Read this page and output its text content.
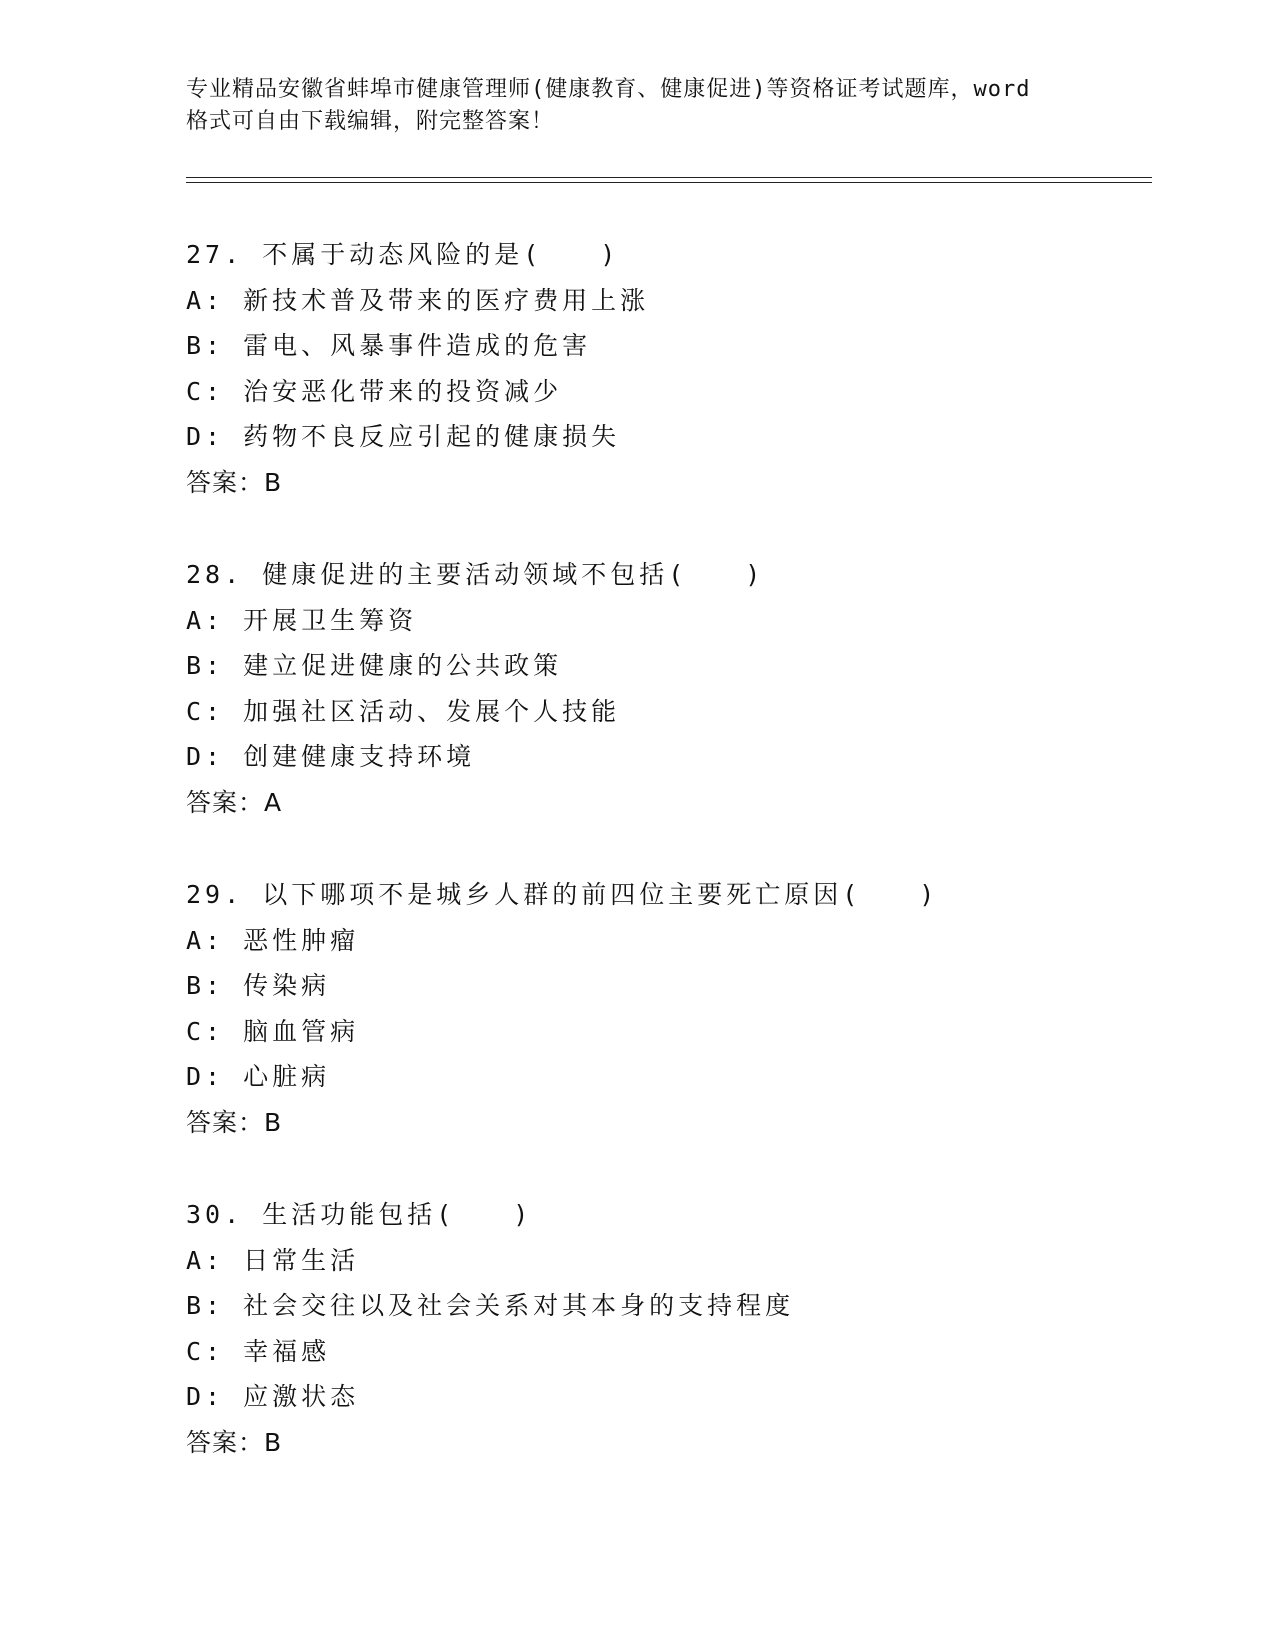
专业精品安徽省蚌埠市健康管理师(健康教育、健康促进)等资格证考试题库，word
格式可自由下载编辑，附完整答案！
27. 不属于动态风险的是(　　)
A: 新技术普及带来的医疗费用上涨
B: 雷电、风暴事件造成的危害
C: 治安恶化带来的投资减少
D: 药物不良反应引起的健康损失
答案：B
28. 健康促进的主要活动领域不包括(　　)
A: 开展卫生筹资
B: 建立促进健康的公共政策
C: 加强社区活动、发展个人技能
D: 创建健康支持环境
答案：A
29. 以下哪项不是城乡人群的前四位主要死亡原因(　　)
A: 恶性肿瘤
B: 传染病
C: 脑血管病
D: 心脏病
答案：B
30. 生活功能包括(　　)
A: 日常生活
B: 社会交往以及社会关系对其本身的支持程度
C: 幸福感
D: 应激状态
答案：B
